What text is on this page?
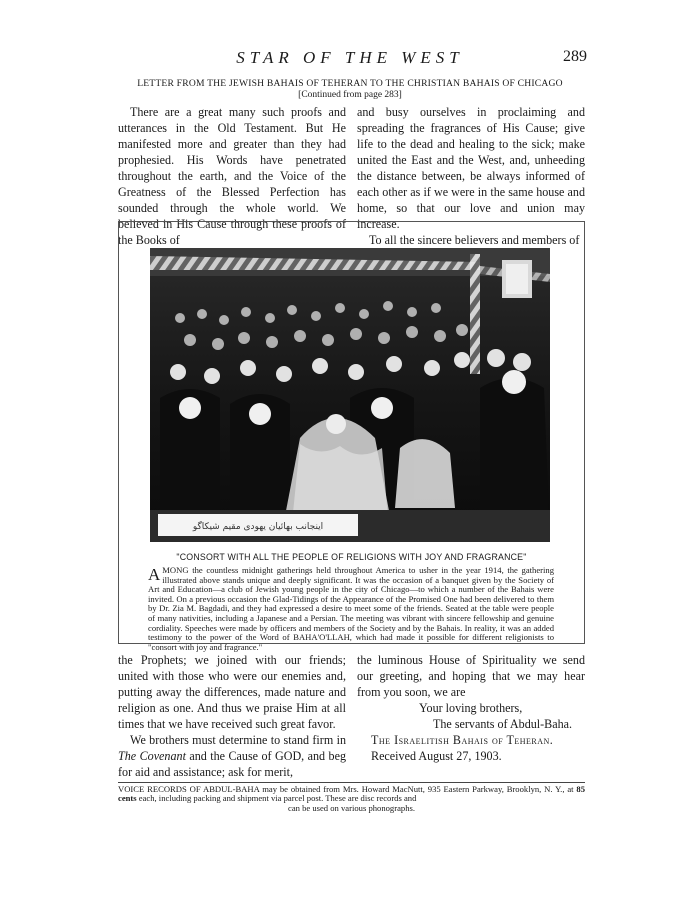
STAR OF THE WEST	289
LETTER FROM THE JEWISH BAHAIS OF TEHERAN TO THE CHRISTIAN BAHAIS OF CHICAGO
[Continued from page 283]

There are a great many such proofs and utterances in the Old Testament. But He manifested more and greater than they had prophesied. His Words have penetrated throughout the earth, and the Voice of the Greatness of the Blessed Perfection has sounded through the whole world. We believed in His Cause through these proofs of the Books of

and busy ourselves in proclaiming and spreading the fragrances of His Cause; give life to the dead and healing to the sick; make united the East and the West, and, unheeding the distance between, be always informed of each other as if we were in the same house and home, so that our love and union may increase.

To all the sincere believers and members of

اینجانب بهائیان یهودی مقیم شیکاگو
"CONSORT WITH ALL THE PEOPLE OF RELIGIONS WITH JOY AND FRAGRANCE"
AMONG the countless midnight gatherings held throughout America to usher in the year 1914, the gathering illustrated above stands unique and deeply significant. It was the occasion of a banquet given by the Society of Art and Education—a club of Jewish young people in the city of Chicago—to which a number of the Bahais were invited. On a previous occasion the Glad-Tidings of the Appearance of the Promised One had been delivered to them by Dr. Zia M. Bagdadi, and they had expressed a desire to meet some of the friends. Seated at the table were people of many nativities, including a Japanese and a Persian. The meeting was vibrant with sincere fellowship and genuine cordiality. Speeches were made by officers and members of the Society and by the Bahais. In reality, it was an added testimony to the power of the Word of BAHA'O'LLAH, which had made it possible for different religionists to "consort with joy and fragrance."

the Prophets; we joined with our friends; united with those who were our enemies and, putting away the differences, made nature and religion as one. And thus we praise Him at all times that we have received such great favor.

We brothers must determine to stand firm in The Covenant and the Cause of GOD, and beg for aid and assistance; ask for merit,

the luminous House of Spirituality we send our greeting, and hoping that we may hear from you soon, we are

Your loving brothers,

The servants of Abdul-Baha.

The Israelitish Bahais of Teheran.

Received August 27, 1903.

VOICE RECORDS OF ABDUL-BAHA may be obtained from Mrs. Howard MacNutt, 935 Eastern Parkway, Brooklyn, N. Y., at 85 cents each, including packing and shipment via parcel post. These are disc records and
can be used on various phonographs.
